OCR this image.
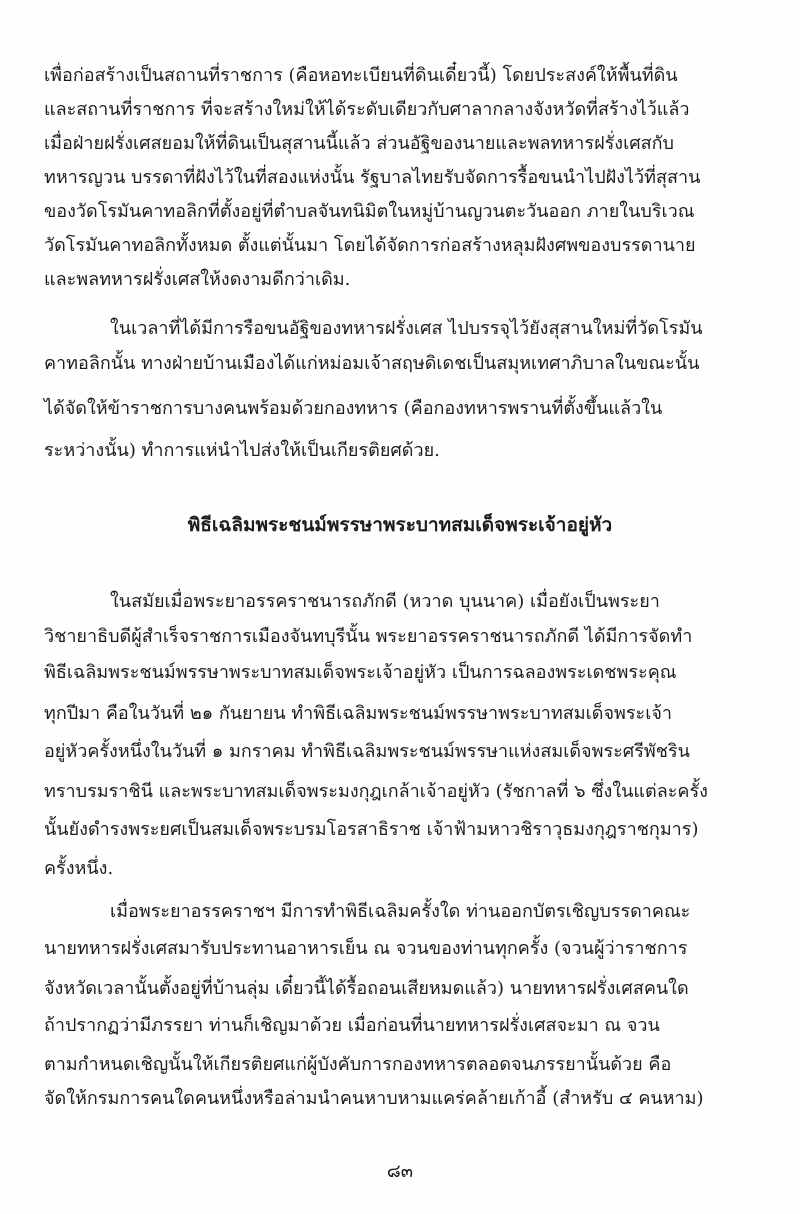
เพื่อก่อสร้างเป็นสถานที่ราชการ (คือหอทะเบียนที่ดินเดี๋ยวนี้) โดยประสงค์ให้พื้นที่ดิน
และสถานที่ราชการ ที่จะสร้างใหม่ให้ได้ระดับเดียวกับศาลากลางจังหวัดที่สร้างไว้แล้ว
เมื่อฝ่ายฝรั่งเศสยอมให้ที่ดินเป็นสุสานนี้แล้ว ส่วนอัฐิของนายและพลทหารฝรั่งเศสกับ
ทหารญวน บรรดาที่ฝังไว้ในที่สองแห่งนั้น รัฐบาลไทยรับจัดการรื้อขนนำไปฝังไว้ที่สุสาน
ของวัดโรมันคาทอลิกที่ตั้งอยู่ที่ตำบลจันทนิมิตในหมู่บ้านญวนตะวันออก ภายในบริเวณ
วัดโรมันคาทอลิกทั้งหมด ตั้งแต่นั้นมา โดยได้จัดการก่อสร้างหลุมฝังศพของบรรดานาย
และพลทหารฝรั่งเศสให้งดงามดีกว่าเดิม.
ในเวลาที่ได้มีการรือขนอัฐิของทหารฝรั่งเศส ไปบรรจุไว้ยังสุสานใหม่ที่วัดโรมัน
คาทอลิกนั้น ทางฝ่ายบ้านเมืองได้แก่หม่อมเจ้าสฤษดิเดชเป็นสมุหเทศาภิบาลในขณะนั้น
ได้จัดให้ข้าราชการบางคนพร้อมด้วยกองทหาร (คือกองทหารพรานที่ตั้งขึ้นแล้วใน
ระหว่างนั้น) ทำการแห่นำไปส่งให้เป็นเกียรติยศด้วย.
พิธีเฉลิมพระชนม์พรรษาพระบาทสมเด็จพระเจ้าอยู่หัว
ในสมัยเมื่อพระยาอรรคราชนารถภักดี (หวาด บุนนาค) เมื่อยังเป็นพระยา
วิชายาธิบดีผู้สำเร็จราชการเมืองจันทบุรีนั้น พระยาอรรคราชนารถภักดี ได้มีการจัดทำ
พิธีเฉลิมพระชนม์พรรษาพระบาทสมเด็จพระเจ้าอยู่หัว เป็นการฉลองพระเดชพระคุณ
ทุกปีมา คือในวันที่ ๒๑ กันยายน ทำพิธีเฉลิมพระชนม์พรรษาพระบาทสมเด็จพระเจ้า
อยู่หัวครั้งหนึ่งในวันที่ ๑ มกราคม ทำพิธีเฉลิมพระชนม์พรรษาแห่งสมเด็จพระศรีพัชริน
ทราบรมราชินี และพระบาทสมเด็จพระมงกุฎเกล้าเจ้าอยู่หัว (รัชกาลที่ ๖ ซึ่งในแต่ละครั้ง
นั้นยังดำรงพระยศเป็นสมเด็จพระบรมโอรสาธิราช เจ้าฟ้ามหาวชิราวุธมงกุฎราชกุมาร)
ครั้งหนึ่ง.
เมื่อพระยาอรรคราชฯ มีการทำพิธีเฉลิมครั้งใด ท่านออกบัตรเชิญบรรดาคณะ
นายทหารฝรั่งเศสมารับประทานอาหารเย็น ณ จวนของท่านทุกครั้ง (จวนผู้ว่าราชการ
จังหวัดเวลานั้นตั้งอยู่ที่บ้านลุ่ม เดี๋ยวนี้ได้รื้อถอนเสียหมดแล้ว) นายทหารฝรั่งเศสคนใด
ถ้าปรากฏว่ามีภรรยา ท่านก็เชิญมาด้วย เมื่อก่อนที่นายทหารฝรั่งเศสจะมา ณ จวน
ตามกำหนดเชิญนั้นให้เกียรติยศแก่ผู้บังคับการกองทหารตลอดจนภรรยานั้นด้วย คือ
จัดให้กรมการคนใดคนหนึ่งหรือล่ามนำคนหาบหามแคร่คล้ายเก้าอี้ (สำหรับ ๔ คนหาม)
๘๓
